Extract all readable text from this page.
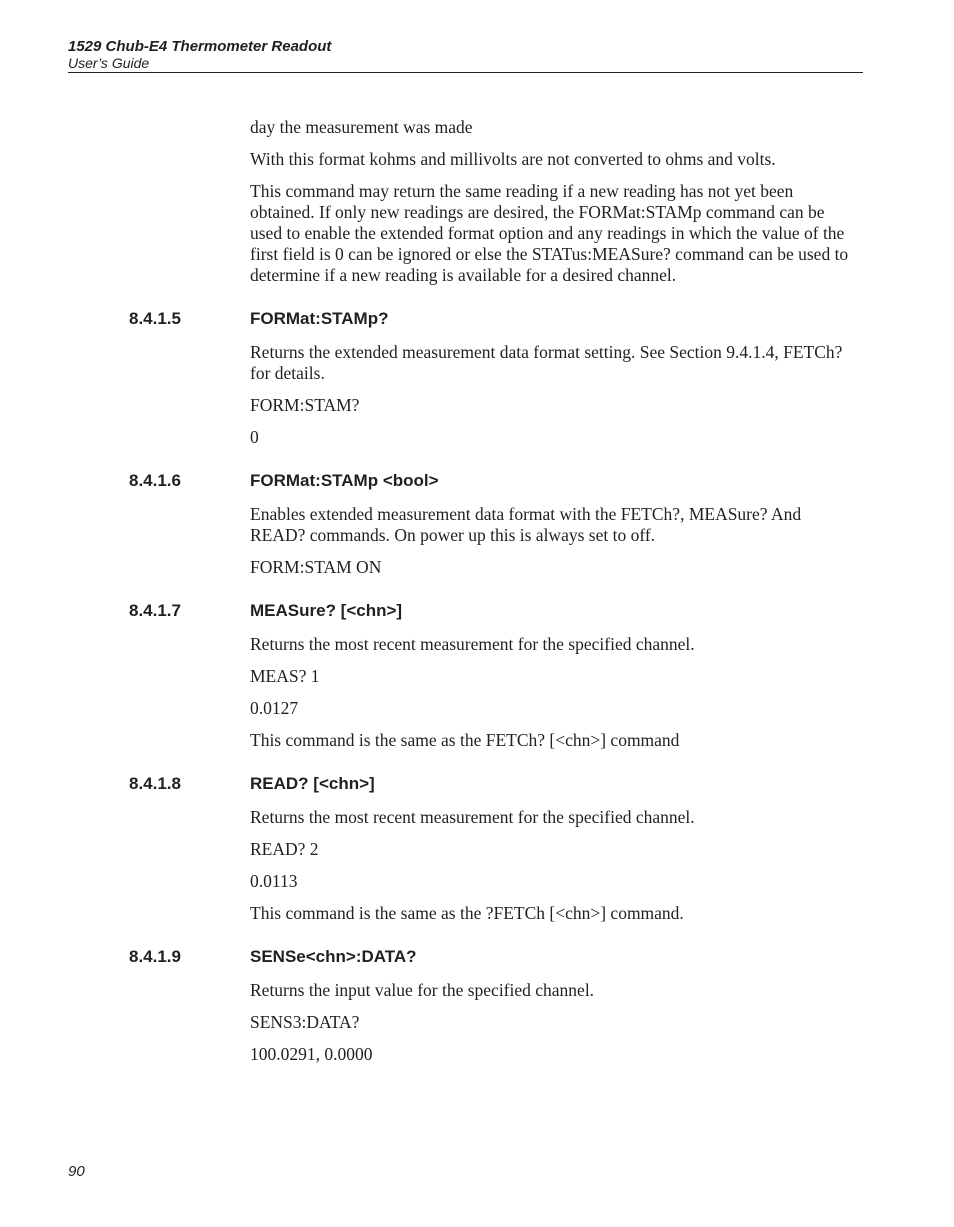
1529 Chub-E4 Thermometer Readout
User’s Guide

day the measurement was made

With this format kohms and millivolts are not converted to ohms and volts.

This command may return the same reading if a new reading has not yet been obtained. If only new readings are desired, the FORMat:STAMp command can be used to enable the extended format option and any readings in which the value of the first field is 0 can be ignored or else the STATus:MEASure? command can be used to determine if a new reading is available for a desired channel.

8.4.1.5	FORMat:STAMp?

Returns the extended measurement data format setting. See Section 9.4.1.4, FETCh? for details.

FORM:STAM?

0

8.4.1.6	FORMat:STAMp <bool>

Enables extended measurement data format with the FETCh?, MEASure? And READ? commands. On power up this is always set to off.

FORM:STAM ON

8.4.1.7	MEASure? [<chn>]

Returns the most recent measurement for the specified channel.

MEAS? 1

0.0127

This command is the same as the FETCh? [<chn>] command

8.4.1.8	READ? [<chn>]

Returns the most recent measurement for the specified channel.

READ? 2

0.0113

This command is the same as the ?FETCh [<chn>] command.

8.4.1.9	SENSe<chn>:DATA?

Returns the input value for the specified channel.

SENS3:DATA?

100.0291, 0.0000

90
